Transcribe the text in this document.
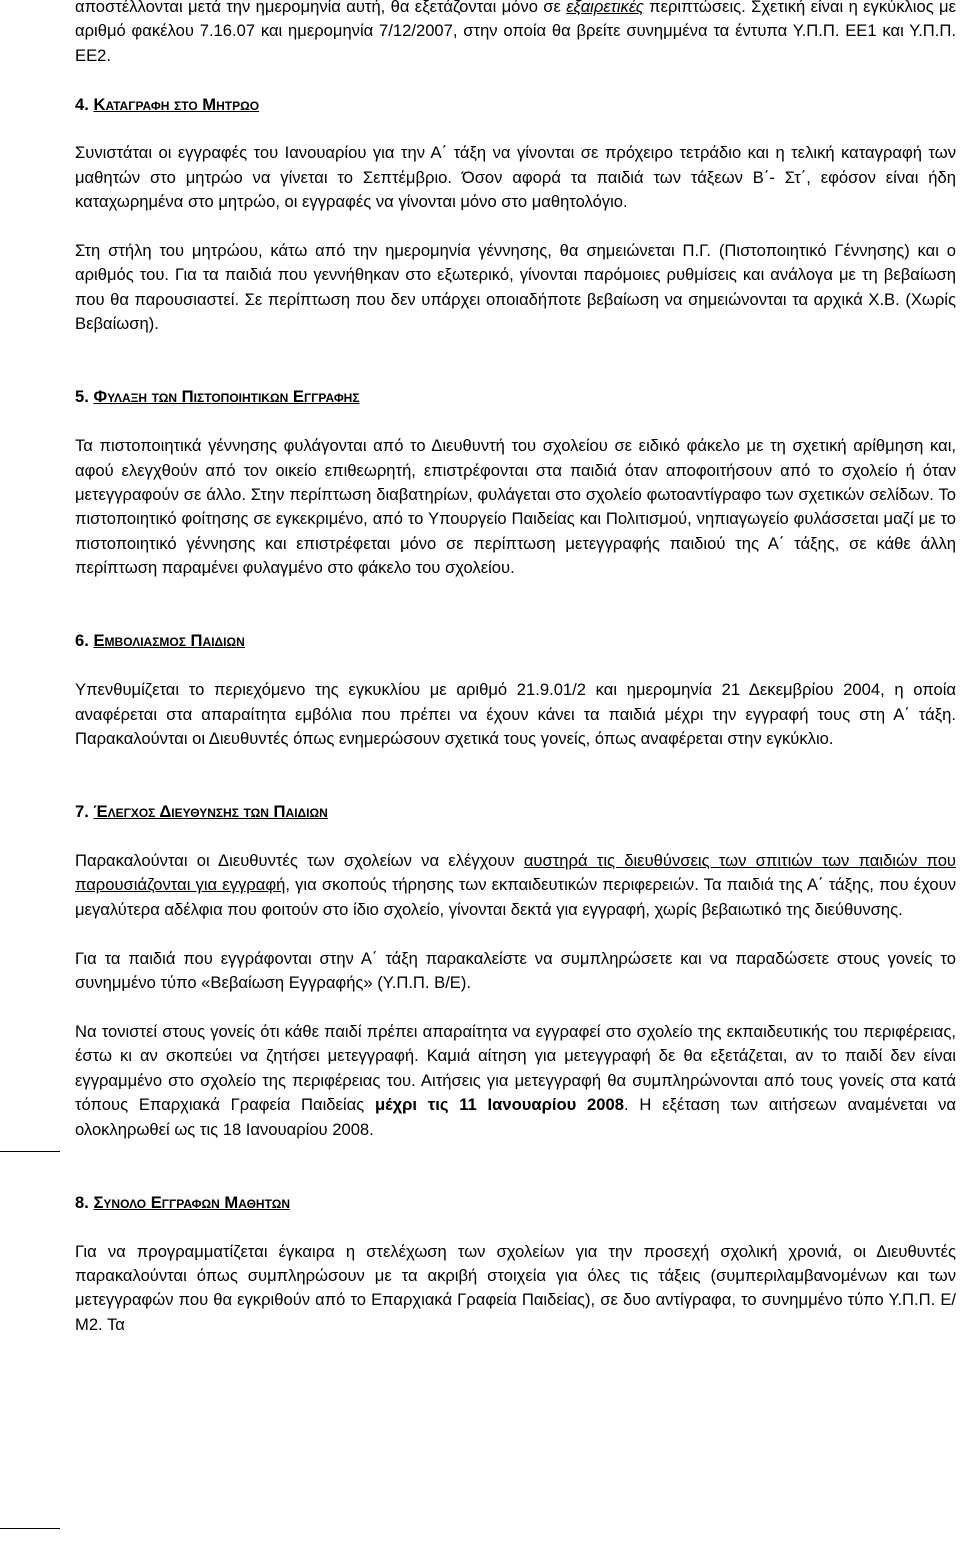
αποστέλλονται μετά την ημερομηνία αυτή, θα εξετάζονται μόνο σε εξαιρετικές περιπτώσεις. Σχετική είναι η εγκύκλιος με αριθμό φακέλου 7.16.07 και ημερομηνία 7/12/2007, στην οποία θα βρείτε συνημμένα τα έντυπα Υ.Π.Π. ΕΕ1 και Υ.Π.Π. ΕΕ2.

4. Καταγραφη στο Μητρωο

Συνιστάται οι εγγραφές του Ιανουαρίου για την Α΄ τάξη να γίνονται σε πρόχειρο τετράδιο και η τελική καταγραφή των μαθητών στο μητρώο να γίνεται το Σεπτέμβριο. Όσον αφορά τα παιδιά των τάξεων Β΄- Στ΄, εφόσον είναι ήδη καταχωρημένα στο μητρώο, οι εγγραφές να γίνονται μόνο στο μαθητολόγιο.

Στη στήλη του μητρώου, κάτω από την ημερομηνία γέννησης, θα σημειώνεται Π.Γ. (Πιστοποιητικό Γέννησης) και ο αριθμός του. Για τα παιδιά που γεννήθηκαν στο εξωτερικό, γίνονται παρόμοιες ρυθμίσεις και ανάλογα με τη βεβαίωση που θα παρουσιαστεί. Σε περίπτωση που δεν υπάρχει οποιαδήποτε βεβαίωση να σημειώνονται τα αρχικά Χ.Β. (Χωρίς Βεβαίωση).

5. Φυλαξη των Πιστοποιητικων Εγγραφης

Τα πιστοποιητικά γέννησης φυλάγονται από το Διευθυντή του σχολείου σε ειδικό φάκελο με τη σχετική αρίθμηση και, αφού ελεγχθούν από τον οικείο επιθεωρητή, επιστρέφονται στα παιδιά όταν αποφοιτήσουν από το σχολείο ή όταν μετεγγραφούν σε άλλο. Στην περίπτωση διαβατηρίων, φυλάγεται στο σχολείο φωτοαντίγραφο των σχετικών σελίδων. Το πιστοποιητικό φοίτησης σε εγκεκριμένο, από το Υπουργείο Παιδείας και Πολιτισμού, νηπιαγωγείο φυλάσσεται μαζί με το πιστοποιητικό γέννησης και επιστρέφεται μόνο σε περίπτωση μετεγγραφής παιδιού της Α΄ τάξης, σε κάθε άλλη περίπτωση παραμένει φυλαγμένο στο φάκελο του σχολείου.

6. Εμβολιασμος Παιδιων

Υπενθυμίζεται το περιεχόμενο της εγκυκλίου με αριθμό 21.9.01/2 και ημερομηνία 21 Δεκεμβρίου 2004, η οποία αναφέρεται στα απαραίτητα εμβόλια που πρέπει να έχουν κάνει τα παιδιά μέχρι την εγγραφή τους στη Α΄ τάξη. Παρακαλούνται οι Διευθυντές όπως ενημερώσουν σχετικά τους γονείς, όπως αναφέρεται στην εγκύκλιο.

7. Έλεγχος Διευθυνσης των Παιδιων

Παρακαλούνται οι Διευθυντές των σχολείων να ελέγχουν αυστηρά τις διευθύνσεις των σπιτιών των παιδιών που παρουσιάζονται για εγγραφή, για σκοπούς τήρησης των εκπαιδευτικών περιφερειών. Τα παιδιά της Α΄ τάξης, που έχουν μεγαλύτερα αδέλφια που φοιτούν στο ίδιο σχολείο, γίνονται δεκτά για εγγραφή, χωρίς βεβαιωτικό της διεύθυνσης.

Για τα παιδιά που εγγράφονται στην Α΄ τάξη παρακαλείστε να συμπληρώσετε και να παραδώσετε στους γονείς το συνημμένο τύπο «Βεβαίωση Εγγραφής» (Υ.Π.Π. Β/Ε).

Να τονιστεί στους γονείς ότι κάθε παιδί πρέπει απαραίτητα να εγγραφεί στο σχολείο της εκπαιδευτικής του περιφέρειας, έστω κι αν σκοπεύει να ζητήσει μετεγγραφή. Καμιά αίτηση για μετεγγραφή δε θα εξετάζεται, αν το παιδί δεν είναι εγγραμμένο στο σχολείο της περιφέρειας του. Αιτήσεις για μετεγγραφή θα συμπληρώνονται από τους γονείς στα κατά τόπους Επαρχιακά Γραφεία Παιδείας μέχρι τις 11 Ιανουαρίου 2008. Η εξέταση των αιτήσεων αναμένεται να ολοκληρωθεί ως τις 18 Ιανουαρίου 2008.

8. Συνολο Εγγραφων Μαθητων

Για να προγραμματίζεται έγκαιρα η στελέχωση των σχολείων για την προσεχή σχολική χρονιά, οι Διευθυντές παρακαλούνται όπως συμπληρώσουν με τα ακριβή στοιχεία για όλες τις τάξεις (συμπεριλαμβανομένων και των μετεγγραφών που θα εγκριθούν από το Επαρχιακά Γραφεία Παιδείας), σε δυο αντίγραφα, το συνημμένο τύπο Υ.Π.Π. Ε/Μ2. Τα
